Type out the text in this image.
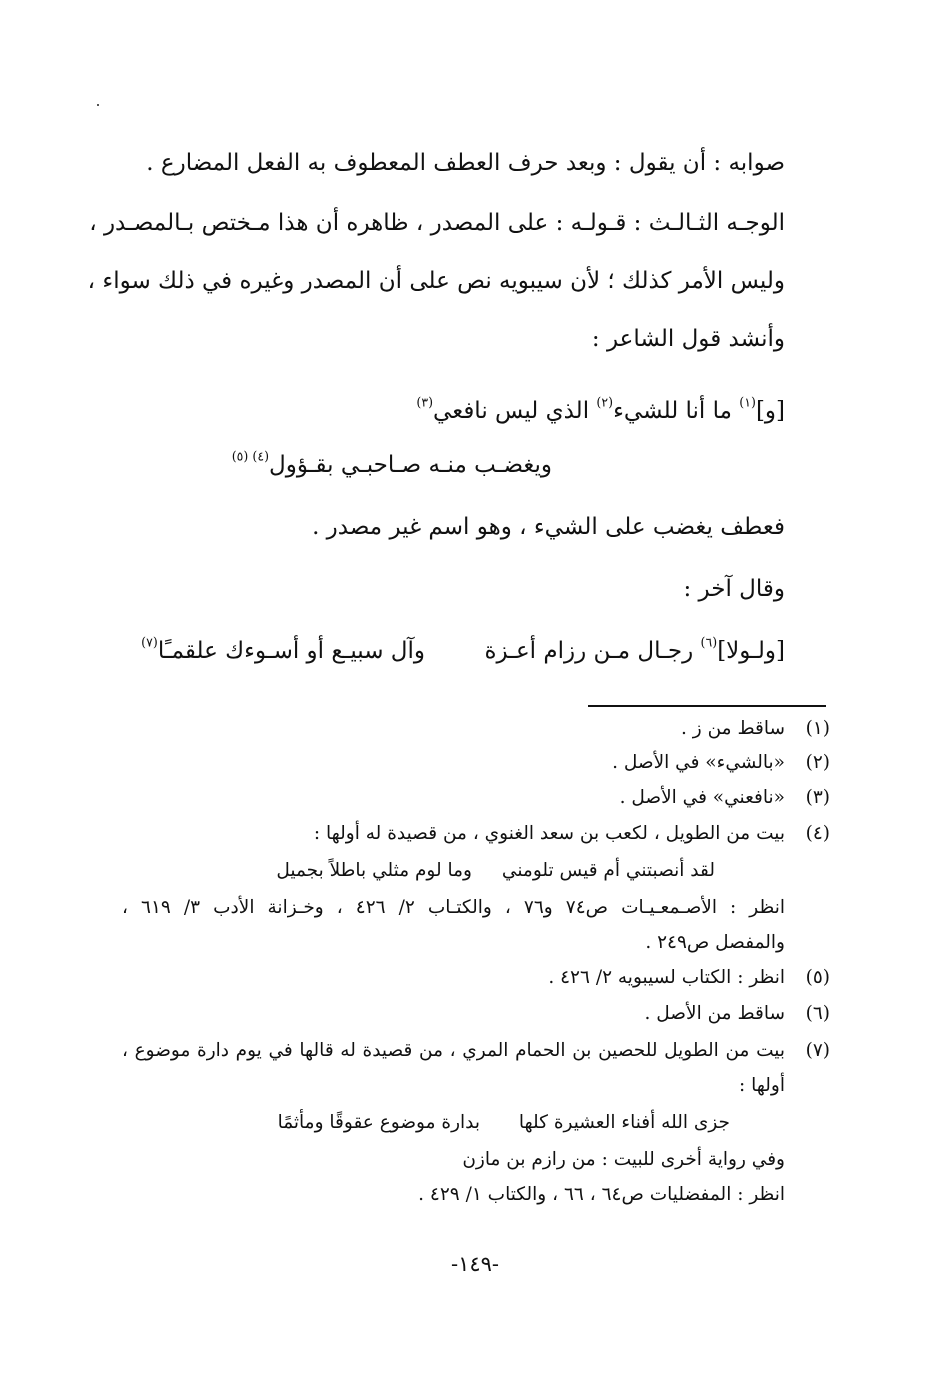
صوابه : أن يقول : وبعد حرف العطف المعطوف به الفعل المضارع .
الوجـه الثـالـث : قـولـه : على المصدر ، ظاهره أن هذا مـختص بـالمصـدر ،
وليس الأمر كذلك ؛ لأن سيبويه نص على أن المصدر وغيره في ذلك سواء ،
وأنشد قول الشاعر :
[و]$^{(١)}$ ما أنا للشيء$^{(٢)}$ الذي ليس نافعي$^{(٣)}$
ويغضـب منـه صـاحبـي بقـؤول$^{(٤) (٥)}$
فعطف يغضب على الشيء ، وهو اسم غير مصدر .
وقال آخر :
[ولـولا]$^{(٦)}$ رجـال مـن رزام أعـزة
وآل سبيـع أو أسـوءك علقمـًا$^{(٧)}$
(١)
ساقط من ز .
(٢)
«بالشيء» في الأصل .
(٣)
«نافعني» في الأصل .
(٤)
بيت من الطويل ، لكعب بن سعد الغنوي ، من قصيدة له أولها :
لقد أنصبتني أم قيس تلومني
وما لوم مثلي باطلاً بجميل
انظر : الأصـمعـيـات ص٧٤ و٧٦ ، والكتـاب ٢/ ٤٢٦ ، وخـزانة الأدب ٣/ ٦١٩ ،
والمفصل ص٢٤٩ .
(٥)
انظر : الكتاب لسيبويه ٢/ ٤٢٦ .
(٦)
ساقط من الأصل .
(٧)
بيت من الطويل للحصين بن الحمام المري ، من قصيدة له قالها في يوم دارة موضوع ،
أولها :
جزى الله أفناء العشيرة كلها
بدارة موضوع عقوقًا ومأثمًا
وفي رواية أخرى للبيت : من رازم بن مازن
انظر : المفضليات ص٦٤ ، ٦٦ ، والكتاب ١/ ٤٢٩ .
-١٤٩-
